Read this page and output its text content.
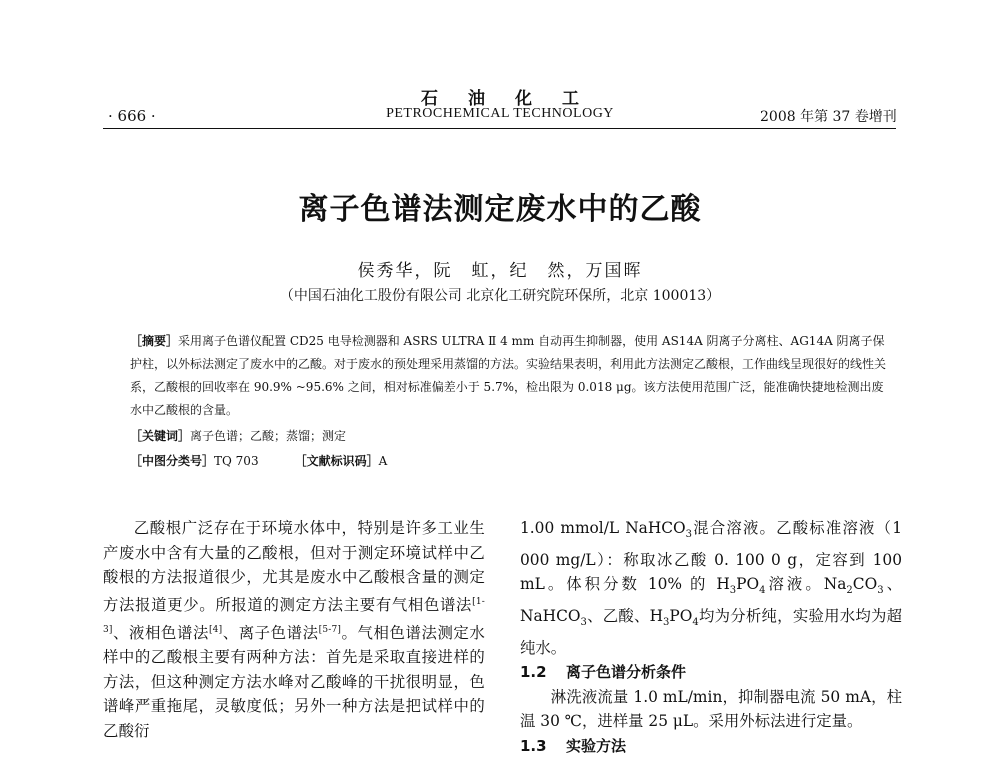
石油化工
· 666 ·	PETROCHEMICAL TECHNOLOGY	2008 年第 37 卷增刊
离子色谱法测定废水中的乙酸
侯秀华，阮　虹，纪　然，万国晖
（中国石油化工股份有限公司 北京化工研究院环保所，北京 100013）
［摘要］采用离子色谱仪配置 CD25 电导检测器和 ASRS ULTRA Ⅱ 4 mm 自动再生抑制器，使用 AS14A 阴离子分离柱、AG14A 阴离子保护柱，以外标法测定了废水中的乙酸。对于废水的预处理采用蒸馏的方法。实验结果表明，利用此方法测定乙酸根，工作曲线呈现很好的线性关系，乙酸根的回收率在 90.9% ~95.6% 之间，相对标准偏差小于 5.7%，检出限为 0.018 μg。该方法使用范围广泛，能准确快捷地检测出废水中乙酸根的含量。
［关键词］离子色谱；乙酸；蒸馏；测定
［中图分类号］TQ 703	［文献标识码］A

乙酸根广泛存在于环境水体中，特别是许多工业生产废水中含有大量的乙酸根，但对于测定环境试样中乙酸根的方法报道很少，尤其是废水中乙酸根含量的测定方法报道更少。所报道的测定方法主要有气相色谱法[1-3]、液相色谱法[4]、离子色谱法[5-7]。气相色谱法测定水样中的乙酸根主要有两种方法：首先是采取直接进样的方法，但这种测定方法水峰对乙酸峰的干扰很明显，色谱峰严重拖尾，灵敏度低；另外一种方法是把试样中的乙酸衍

1.00 mmol/L NaHCO$_3$混合溶液。乙酸标准溶液（1 000 mg/L）：称取冰乙酸 0. 100 0 g，定容到 100 mL。体积分数 10% 的 $H_3PO_4$溶液。$Na_2CO_3$、NaHCO$_3$、乙酸、$H_3PO_4$均为分析纯，实验用水均为超纯水。

1.2 离子色谱分析条件

淋洗液流量 1.0 mL/min，抑制器电流 50 mA，柱温 30 ℃，进样量 25 μL。采用外标法进行定量。

1.3 实验方法
